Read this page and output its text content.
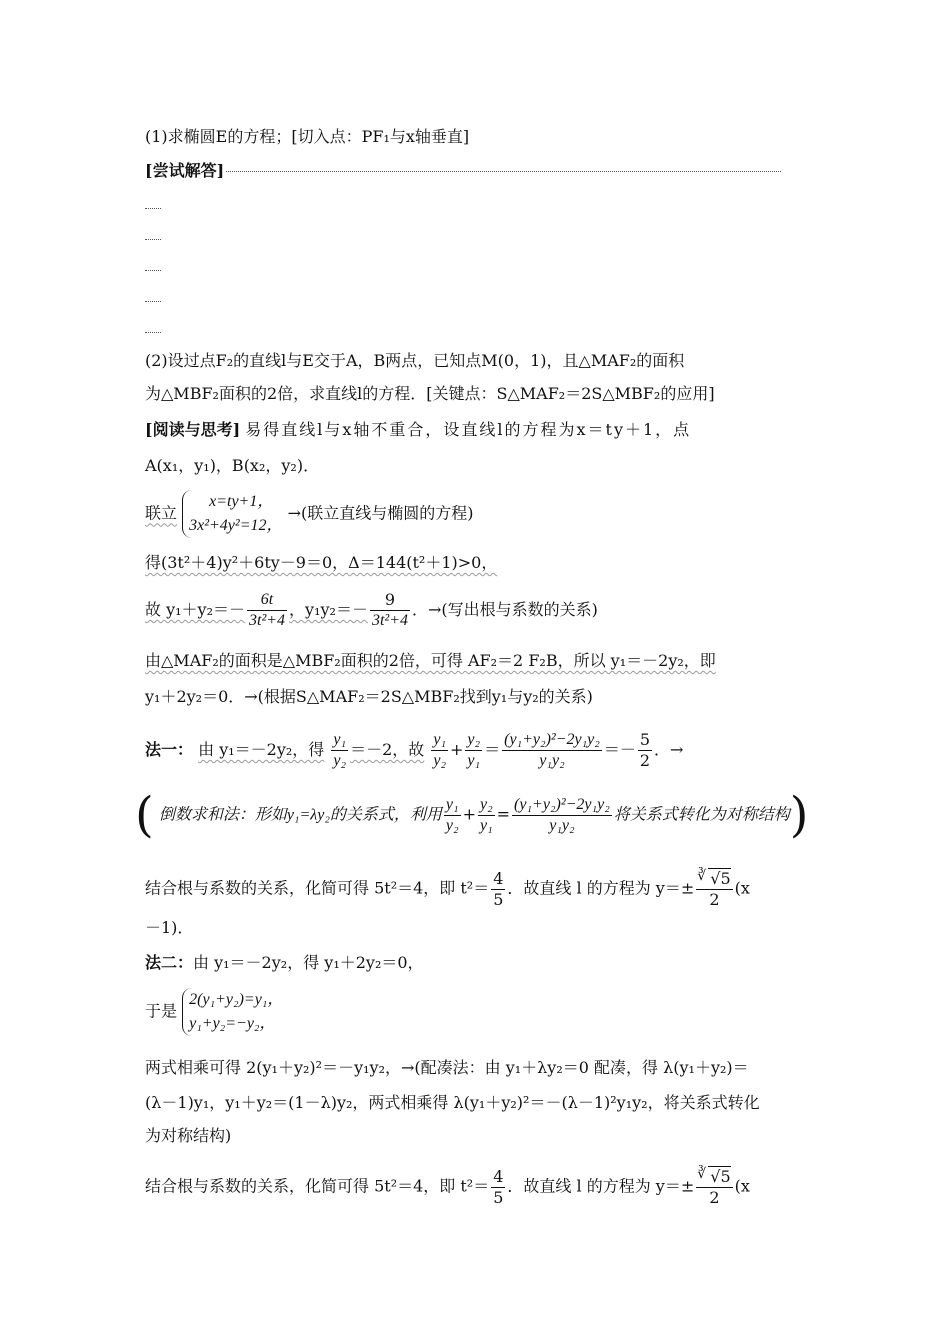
(1)求椭圆E的方程；[切入点：PF₁与x轴垂直]
[尝试解答]
(2)设过点F₂的直线l与E交于A，B两点，已知点M(0，1)，且△MAF₂的面积
为△MBF₂面积的2倍，求直线l的方程．[关键点：S△MAF₂＝2S△MBF₂的应用]
[阅读与思考] 易得直线l与x轴不重合，设直线l的方程为x＝ty＋1，点
A(x₁，y₁)，B(x₂，y₂)．
联立
x=ty+1，
3x²+4y²=12，
→(联立直线与椭圆的方程)
得(3t²＋4)y²＋6ty－9＝0，Δ＝144(t²＋1)>0，
故 $y_1+y_2=- \frac{6t}{\text{3t²+4}}$ ，$y_1y_2=- \frac{9}{\text{3t²+4}}$ ．→(写出根与系数的关系)
由△MAF₂的面积是△MBF₂面积的2倍，可得 AF₂＝2 F₂B，所以 y₁＝－2y₂，即
y₁＋2y₂＝0．→(根据S△MAF₂＝2S△MBF₂找到y₁与y₂的关系)
法一： 由 y₁＝－2y₂，得 $\frac{\text{y₁}}{\text{y₂}} =-2$，故 $\frac{\text{y₁}}{\text{y₂}} + \frac{\text{y₂}}{\text{y₁}} = \frac{\text{(y₁+y₂)²−2y₁y₂}}{\text{y₁y₂}} =- \frac{5}{2}$ ．→
( 倒数求和法：形如y₁=λy₂的关系式，利用 $\frac{\text{y₁}}{\text{y₂}} + \frac{\text{y₂}}{\text{y₁}} = \frac{\text{(y₁+y₂)²−2y₁y₂}}{\text{y₁y₂}}$ 将关系式转化为对称结构)
结合根与系数的关系，化简可得 5t²＝4，即 $t^2= \frac{4}{5}$ ．故直线 l 的方程为 y＝± ∛ $\frac{√5}{2} (x$
－1)．
法二：由 y₁＝－2y₂，得 y₁＋2y₂＝0，
于是
2(y₁+y₂)=y₁，
y₁+y₂=−y₂，
两式相乘可得 2(y₁＋y₂)²＝－y₁y₂，→(配凑法：由 y₁＋λy₂＝0 配凑，得 λ(y₁＋y₂)＝
(λ－1)y₁，y₁＋y₂＝(1－λ)y₂，两式相乘得 λ(y₁＋y₂)²＝－(λ－1)²y₁y₂，将关系式转化
为对称结构)
结合根与系数的关系，化简可得 5t²＝4，即 $t^2= \frac{4}{5}$ ．故直线 l 的方程为 y＝± ∛ $\frac{√5}{2} (x$
